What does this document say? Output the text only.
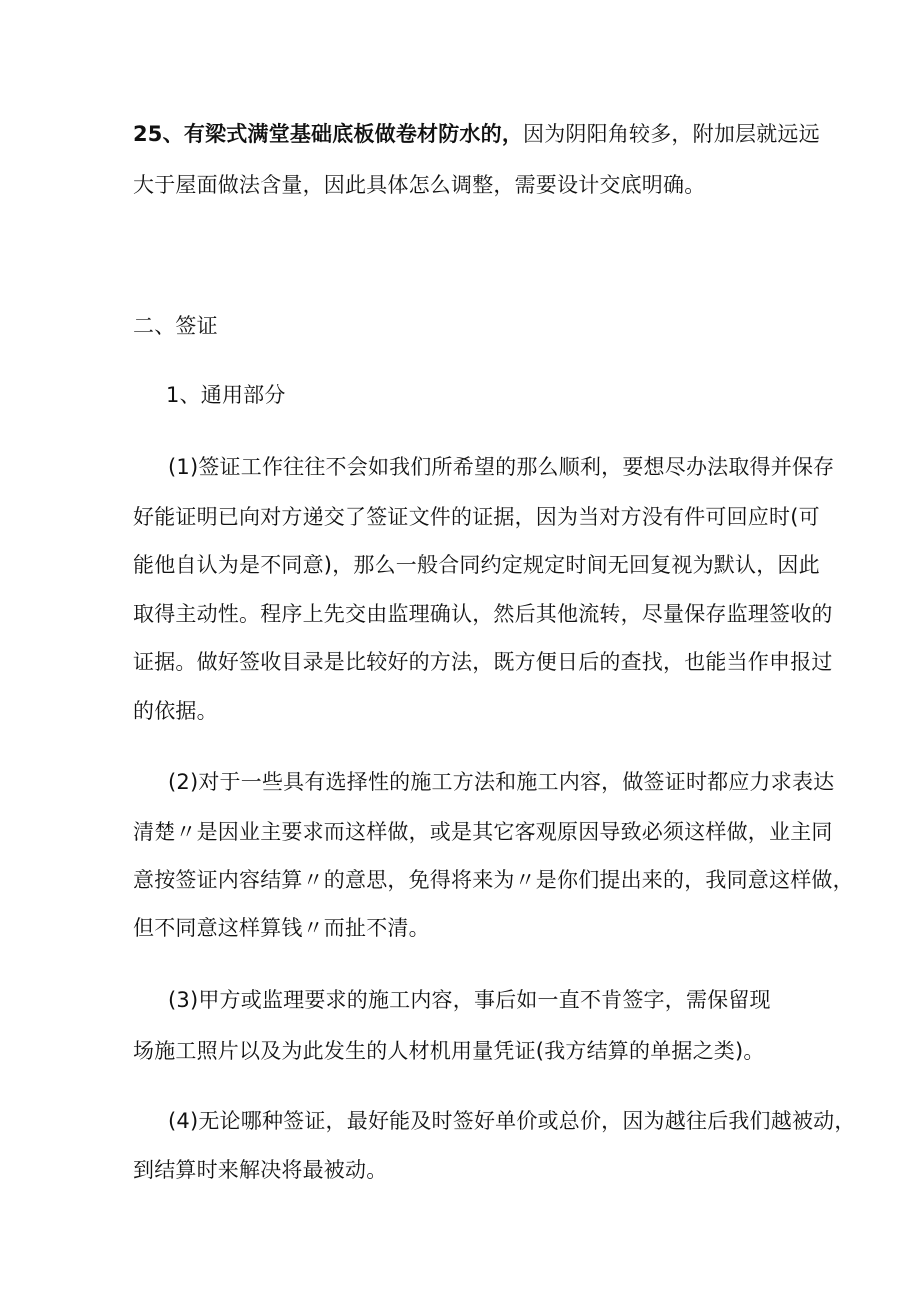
25、有梁式满堂基础底板做卷材防水的，因为阴阳角较多，附加层就远远
大于屋面做法含量，因此具体怎么调整，需要设计交底明确。
二、签证
1、通用部分
(1)签证工作往往不会如我们所希望的那么顺利，要想尽办法取得并保存
好能证明已向对方递交了签证文件的证据，因为当对方没有件可回应时(可
能他自认为是不同意)，那么一般合同约定规定时间无回复视为默认，因此
取得主动性。程序上先交由监理确认，然后其他流转，尽量保存监理签收的
证据。做好签收目录是比较好的方法，既方便日后的查找，也能当作申报过
的依据。
(2)对于一些具有选择性的施工方法和施工内容，做签证时都应力求表达
清楚〃是因业主要求而这样做，或是其它客观原因导致必须这样做，业主同
意按签证内容结算〃的意思，免得将来为〃是你们提出来的，我同意这样做，
但不同意这样算钱〃而扯不清。
(3)甲方或监理要求的施工内容，事后如一直不肯签字，需保留现
场施工照片以及为此发生的人材机用量凭证(我方结算的单据之类)。
(4)无论哪种签证，最好能及时签好单价或总价，因为越往后我们越被动，
到结算时来解决将最被动。
